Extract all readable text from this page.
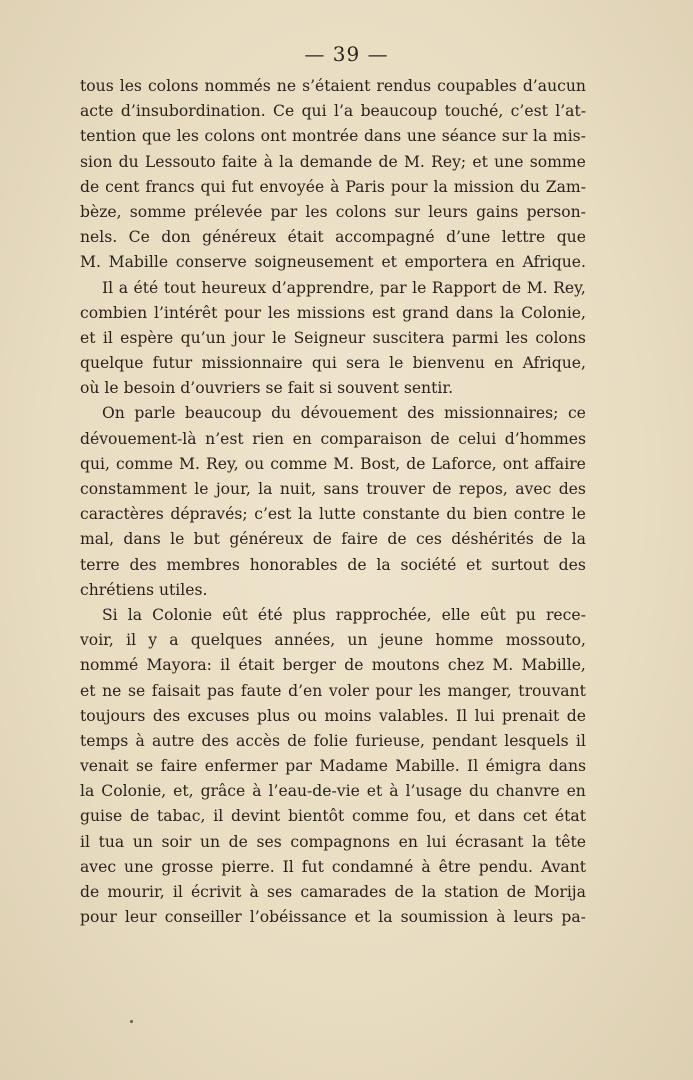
— 39 —
tous les colons nommés ne s’étaient rendus coupables d’aucun
acte d’insubordination. Ce qui l’a beaucoup touché, c’est l’at-
tention que les colons ont montrée dans une séance sur la mis-
sion du Lessouto faite à la demande de M. Rey; et une somme
de cent francs qui fut envoyée à Paris pour la mission du Zam-
bèze, somme prélevée par les colons sur leurs gains person-
nels. Ce don généreux était accompagné d’une lettre que
M. Mabille conserve soigneusement et emportera en Afrique.
Il a été tout heureux d’apprendre, par le Rapport de M. Rey,
combien l’intérêt pour les missions est grand dans la Colonie,
et il espère qu’un jour le Seigneur suscitera parmi les colons
quelque futur missionnaire qui sera le bienvenu en Afrique,
où le besoin d’ouvriers se fait si souvent sentir.
On parle beaucoup du dévouement des missionnaires; ce
dévouement-là n’est rien en comparaison de celui d’hommes
qui, comme M. Rey, ou comme M. Bost, de Laforce, ont affaire
constamment le jour, la nuit, sans trouver de repos, avec des
caractères dépravés; c’est la lutte constante du bien contre le
mal, dans le but généreux de faire de ces déshérités de la
terre des membres honorables de la société et surtout des
chrétiens utiles.
Si la Colonie eût été plus rapprochée, elle eût pu rece-
voir, il y a quelques années, un jeune homme mossouto,
nommé Mayora: il était berger de moutons chez M. Mabille,
et ne se faisait pas faute d’en voler pour les manger, trouvant
toujours des excuses plus ou moins valables. Il lui prenait de
temps à autre des accès de folie furieuse, pendant lesquels il
venait se faire enfermer par Madame Mabille. Il émigra dans
la Colonie, et, grâce à l’eau-de-vie et à l’usage du chanvre en
guise de tabac, il devint bientôt comme fou, et dans cet état
il tua un soir un de ses compagnons en lui écrasant la tête
avec une grosse pierre. Il fut condamné à être pendu. Avant
de mourir, il écrivit à ses camarades de la station de Morija
pour leur conseiller l’obéissance et la soumission à leurs pa-
